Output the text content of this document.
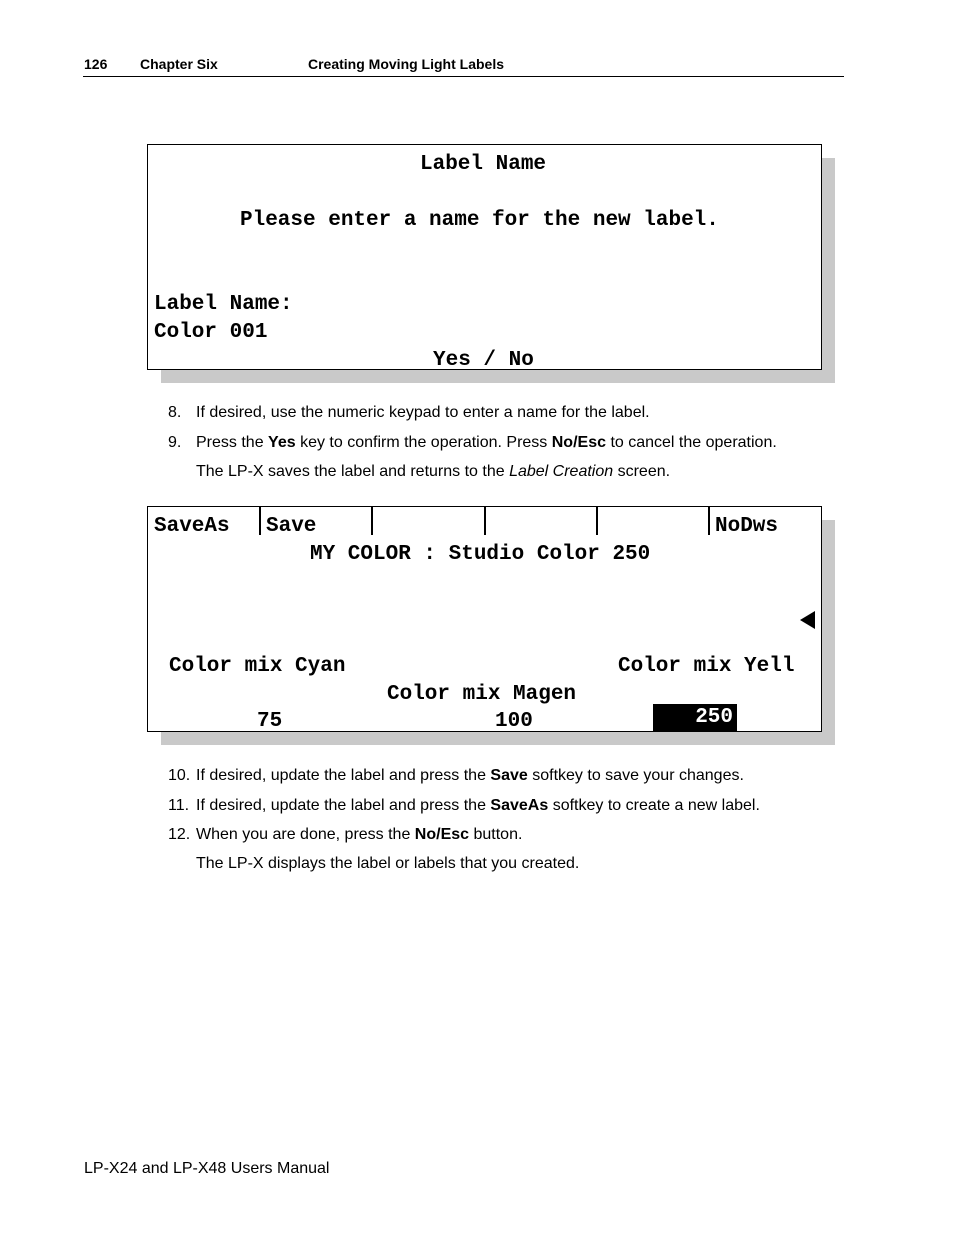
126 Chapter Six	Creating Moving Light Labels
Label Name
Please enter a name for the new label.
Label Name:
Color 001
Yes / No
8. If desired, use the numeric keypad to enter a name for the label.
9. Press the Yes key to confirm the operation. Press No/Esc to cancel the operation.
The LP-X saves the label and returns to the Label Creation screen.
SaveAs Save	NoDws
MY COLOR : Studio Color 250
Color mix Cyan	Color mix Yell
Color mix Magen
75	100	250
10. If desired, update the label and press the Save softkey to save your changes.
11. If desired, update the label and press the SaveAs softkey to create a new label.
12. When you are done, press the No/Esc button.
The LP-X displays the label or labels that you created.
LP-X24 and LP-X48 Users Manual
